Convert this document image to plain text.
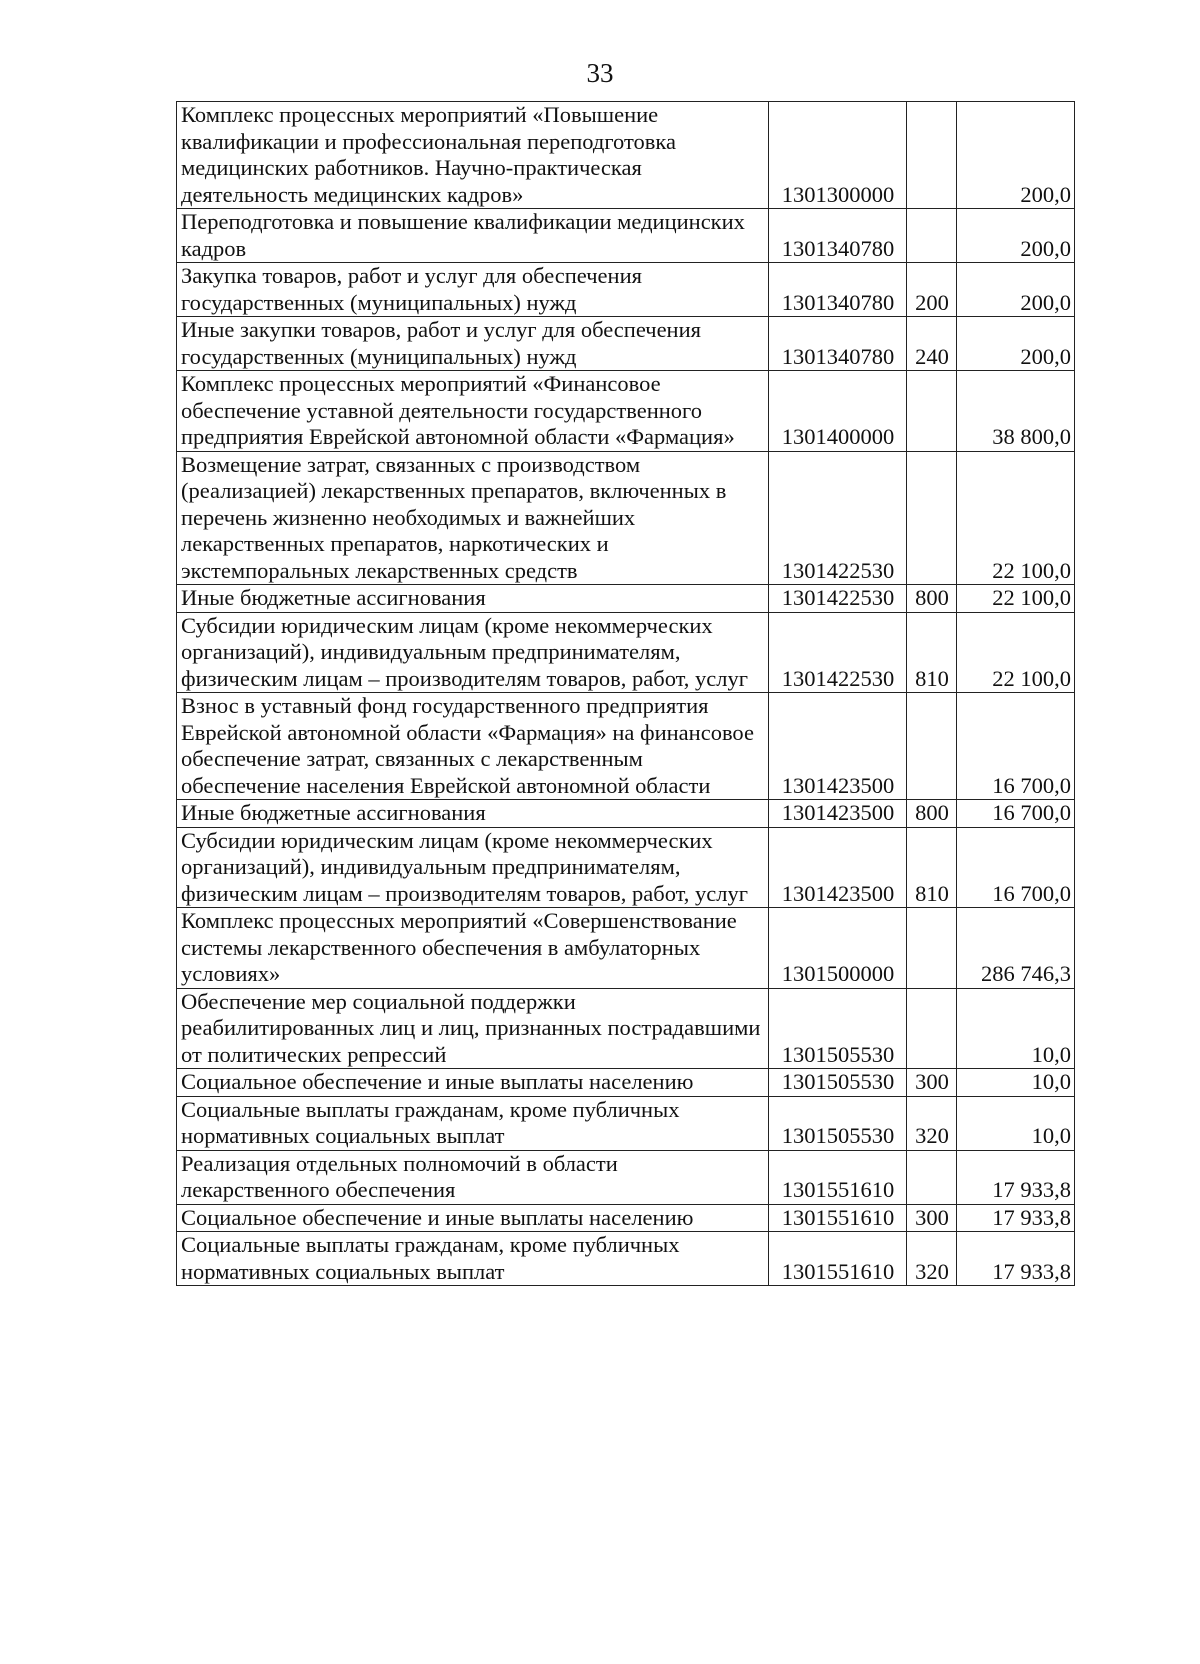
33
Комплекс процессных мероприятий «Повышение квалификации и профессиональная переподготовка медицинских работников. Научно-практическая деятельность медицинских кадров»	1301300000		200,0
Переподготовка и повышение квалификации медицинских кадров	1301340780		200,0
Закупка товаров, работ и услуг для обеспечения государственных (муниципальных) нужд	1301340780	200	200,0
Иные закупки товаров, работ и услуг для обеспечения государственных (муниципальных) нужд	1301340780	240	200,0
Комплекс процессных мероприятий «Финансовое обеспечение уставной деятельности государственного предприятия Еврейской автономной области «Фармация»	1301400000		38 800,0
Возмещение затрат, связанных с производством (реализацией) лекарственных препаратов, включенных в перечень жизненно необходимых и важнейших лекарственных препаратов, наркотических и экстемпоральных лекарственных средств	1301422530		22 100,0
Иные бюджетные ассигнования	1301422530	800	22 100,0
Субсидии юридическим лицам (кроме некоммерческих организаций), индивидуальным предпринимателям, физическим лицам – производителям товаров, работ, услуг	1301422530	810	22 100,0
Взнос в уставный фонд государственного предприятия Еврейской автономной области «Фармация» на финансовое обеспечение затрат, связанных с лекарственным обеспечение населения Еврейской автономной области	1301423500		16 700,0
Иные бюджетные ассигнования	1301423500	800	16 700,0
Субсидии юридическим лицам (кроме некоммерческих организаций), индивидуальным предпринимателям, физическим лицам – производителям товаров, работ, услуг	1301423500	810	16 700,0
Комплекс процессных мероприятий «Совершенствование системы лекарственного обеспечения в амбулаторных условиях»	1301500000		286 746,3
Обеспечение мер социальной поддержки реабилитированных лиц и лиц, признанных пострадавшими от политических репрессий	1301505530		10,0
Социальное обеспечение и иные выплаты населению	1301505530	300	10,0
Социальные выплаты гражданам, кроме публичных нормативных социальных выплат	1301505530	320	10,0
Реализация отдельных полномочий в области лекарственного обеспечения	1301551610		17 933,8
Социальное обеспечение и иные выплаты населению	1301551610	300	17 933,8
Социальные выплаты гражданам, кроме публичных нормативных социальных выплат	1301551610	320	17 933,8
